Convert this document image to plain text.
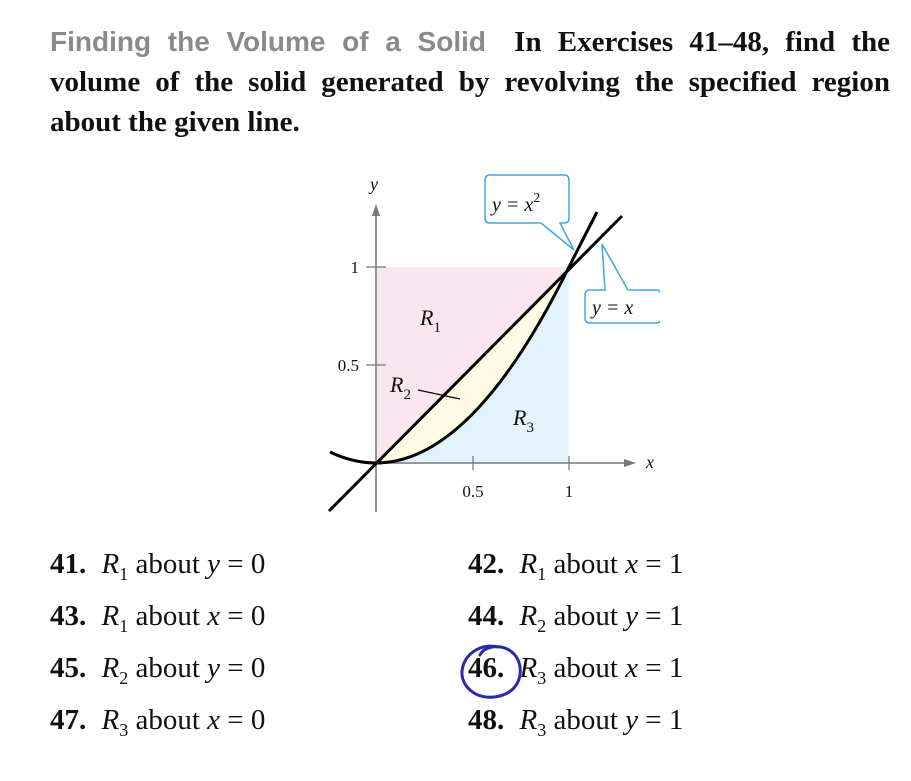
Finding the Volume of a Solid In Exercises 41–48, find the volume of the solid generated by revolving the specified region about the given line.
0.5	1
0.5
1
x
y
$R_1$
$R_2$
$R_3$
$y = x^2$
y = x
41. $R_1$ about y = 0	42. $R_1$ about x = 1
43. $R_1$ about x = 0	44. $R_2$ about y = 1
45. $R_2$ about y = 0	46. $R_3$ about x = 1
47. $R_3$ about x = 0	48. $R_3$ about y = 1
